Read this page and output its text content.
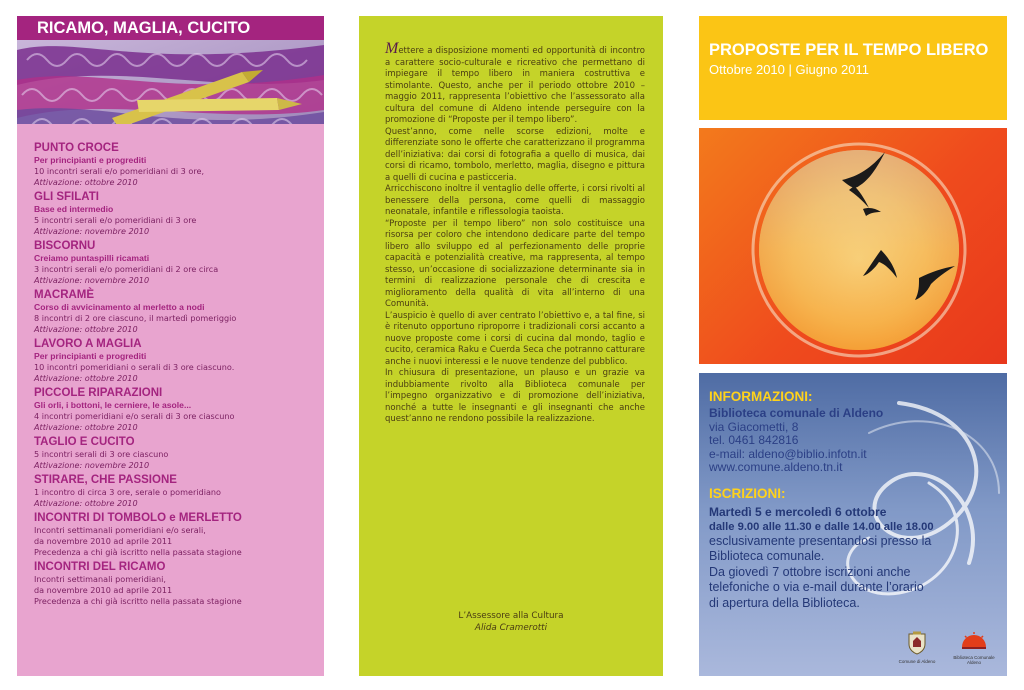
RICAMO, MAGLIA, CUCITO
PUNTO CROCE
Per principianti e progrediti
10 incontri serali e/o pomeridiani di 3 ore,
Attivazione: ottobre 2010
GLI SFILATI
Base ed intermedio
5 incontri serali e/o pomeridiani di 3 ore
Attivazione: novembre 2010
BISCORNU
Creiamo puntaspilli ricamati
3 incontri serali e/o pomeridiani di 2 ore circa
Attivazione: novembre 2010
MACRAMÈ
Corso di avvicinamento al merletto a nodi
8 incontri di 2 ore ciascuno, il martedì pomeriggio
Attivazione: ottobre 2010
LAVORO A MAGLIA
Per principianti e progrediti
10 incontri pomeridiani o serali di 3 ore ciascuno.
Attivazione: ottobre 2010
PICCOLE RIPARAZIONI
Gli orli, i bottoni, le cerniere, le asole...
4 incontri pomeridiani e/o serali di 3 ore ciascuno
Attivazione: ottobre 2010
TAGLIO E CUCITO
5 incontri serali di 3 ore ciascuno
Attivazione: novembre 2010
STIRARE, CHE PASSIONE
1 incontro di circa 3 ore, serale o pomeridiano
Attivazione: ottobre 2010
INCONTRI DI TOMBOLO e MERLETTO
Incontri settimanali pomeridiani e/o serali,
da novembre 2010 ad aprile 2011
Precedenza a chi già iscritto nella passata stagione
INCONTRI DEL RICAMO
Incontri settimanali pomeridiani,
da novembre 2010 ad aprile 2011
Precedenza a chi già iscritto nella passata stagione

Mettere a disposizione momenti ed opportunità di incontro a carattere socio-culturale e ricreativo che permettano di impiegare il tempo libero in maniera costruttiva e stimolante. Questo, anche per il periodo ottobre 2010 – maggio 2011, rappresenta l’obiettivo che l’assessorato alla cultura del comune di Aldeno intende perseguire con la promozione di “Proposte per il tempo libero”.

Quest’anno, come nelle scorse edizioni, molte e differenziate sono le offerte che caratterizzano il programma dell’iniziativa: dai corsi di fotografia a quello di musica, dai corsi di ricamo, tombolo, merletto, maglia, disegno e pittura a quelli di cucina e pasticceria.

Arricchiscono inoltre il ventaglio delle offerte, i corsi rivolti al benessere della persona, come quelli di massaggio neonatale, infantile e riflessologia taoista.

“Proposte per il tempo libero” non solo costituisce una risorsa per coloro che intendono dedicare parte del tempo libero allo sviluppo ed al perfezionamento delle proprie capacità e potenzialità creative, ma rappresenta, al tempo stesso, un’occasione di socializzazione determinante sia in termini di realizzazione personale che di crescita e miglioramento della qualità di vita all’interno di una Comunità.

L’auspicio è quello di aver centrato l’obiettivo e, a tal fine, si è ritenuto opportuno riproporre i tradizionali corsi accanto a nuove proposte come i corsi di cucina dal mondo, taglio e cucito, ceramica Raku e Cuerda Seca che potranno catturare anche i nuovi interessi e le nuove tendenze del pubblico.

In chiusura di presentazione, un plauso e un grazie va indubbiamente rivolto alla Biblioteca comunale per l’impegno organizzativo e di promozione dell’iniziativa, nonché a tutte le insegnanti e gli insegnanti che anche quest’anno ne rendono possibile la realizzazione.

L’Assessore alla Cultura
Alida Cramerotti
PROPOSTE PER IL TEMPO LIBERO
Ottobre 2010 | Giugno 2011
INFORMAZIONI:
Biblioteca comunale di Aldeno
via Giacometti, 8
tel. 0461 842816
e-mail: aldeno@biblio.infotn.it
www.comune.aldeno.tn.it
ISCRIZIONI:
Martedì 5 e mercoledì 6 ottobre
dalle 9.00 alle 11.30 e dalle 14.00 alle 18.00
esclusivamente presentandosi presso la
Biblioteca comunale.
Da giovedì 7 ottobre iscrizioni anche
telefoniche o via e-mail durante l’orario
di apertura della Biblioteca.
Comune di Aldeno
Biblioteca Comunale Aldeno
